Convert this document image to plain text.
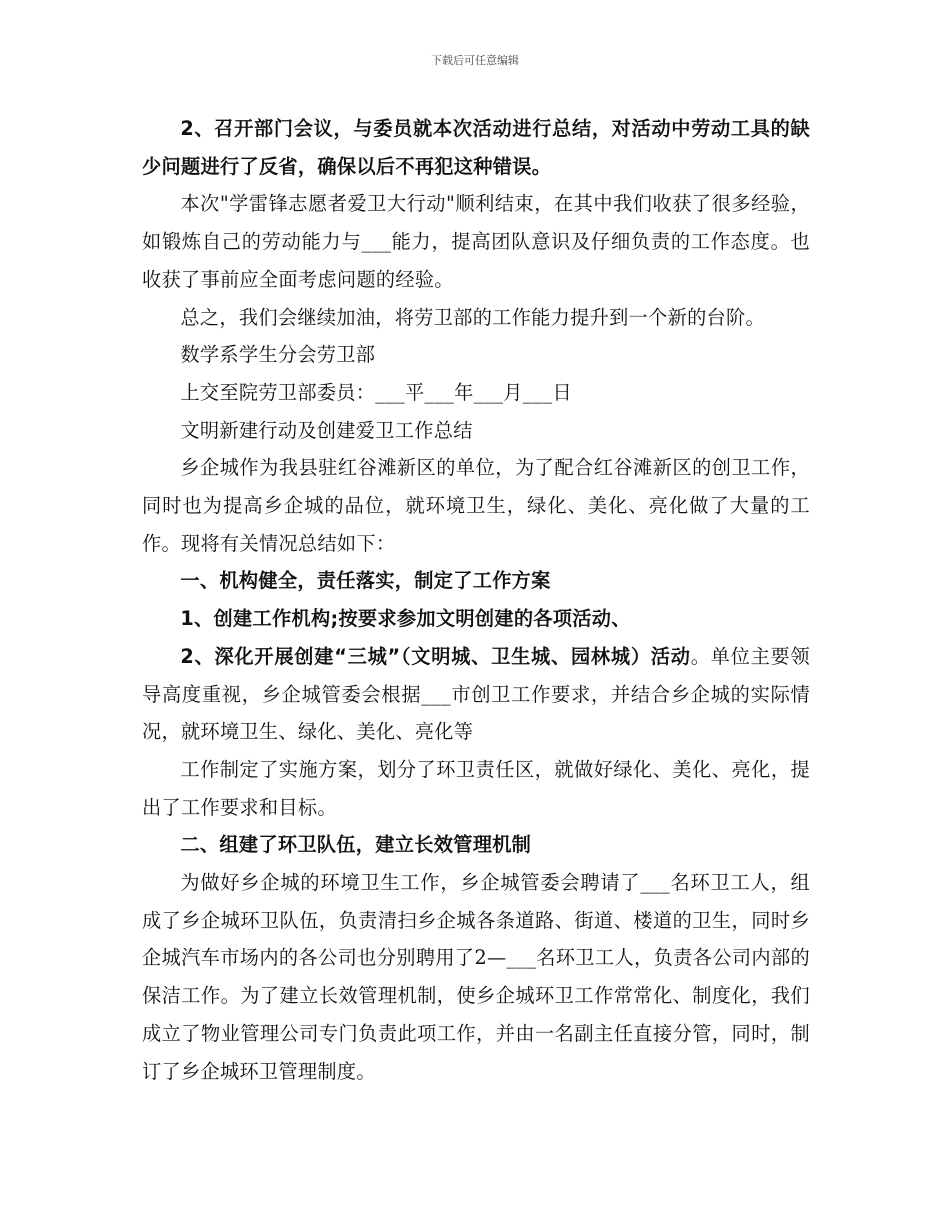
下载后可任意编辑

2、召开部门会议，与委员就本次活动进行总结，对活动中劳动工具的缺少问题进行了反省，确保以后不再犯这种错误。

本次"学雷锋志愿者爱卫大行动"顺利结束，在其中我们收获了很多经验，如锻炼自己的劳动能力与___能力，提高团队意识及仔细负责的工作态度。也收获了事前应全面考虑问题的经验。

总之，我们会继续加油，将劳卫部的工作能力提升到一个新的台阶。

数学系学生分会劳卫部

上交至院劳卫部委员：___平___年___月___日

文明新建行动及创建爱卫工作总结

乡企城作为我县驻红谷滩新区的单位，为了配合红谷滩新区的创卫工作，同时也为提高乡企城的品位，就环境卫生，绿化、美化、亮化做了大量的工作。现将有关情况总结如下：

一、机构健全，责任落实，制定了工作方案

1、创建工作机构;按要求参加文明创建的各项活动、

2、深化开展创建“三城”（文明城、卫生城、园林城）活动。单位主要领导高度重视，乡企城管委会根据___市创卫工作要求，并结合乡企城的实际情况，就环境卫生、绿化、美化、亮化等

工作制定了实施方案，划分了环卫责任区，就做好绿化、美化、亮化，提出了工作要求和目标。

二、组建了环卫队伍，建立长效管理机制

为做好乡企城的环境卫生工作，乡企城管委会聘请了___名环卫工人，组成了乡企城环卫队伍，负责清扫乡企城各条道路、街道、楼道的卫生，同时乡企城汽车市场内的各公司也分别聘用了2—___名环卫工人，负责各公司内部的保洁工作。为了建立长效管理机制，使乡企城环卫工作常常化、制度化，我们成立了物业管理公司专门负责此项工作，并由一名副主任直接分管，同时，制订了乡企城环卫管理制度。
